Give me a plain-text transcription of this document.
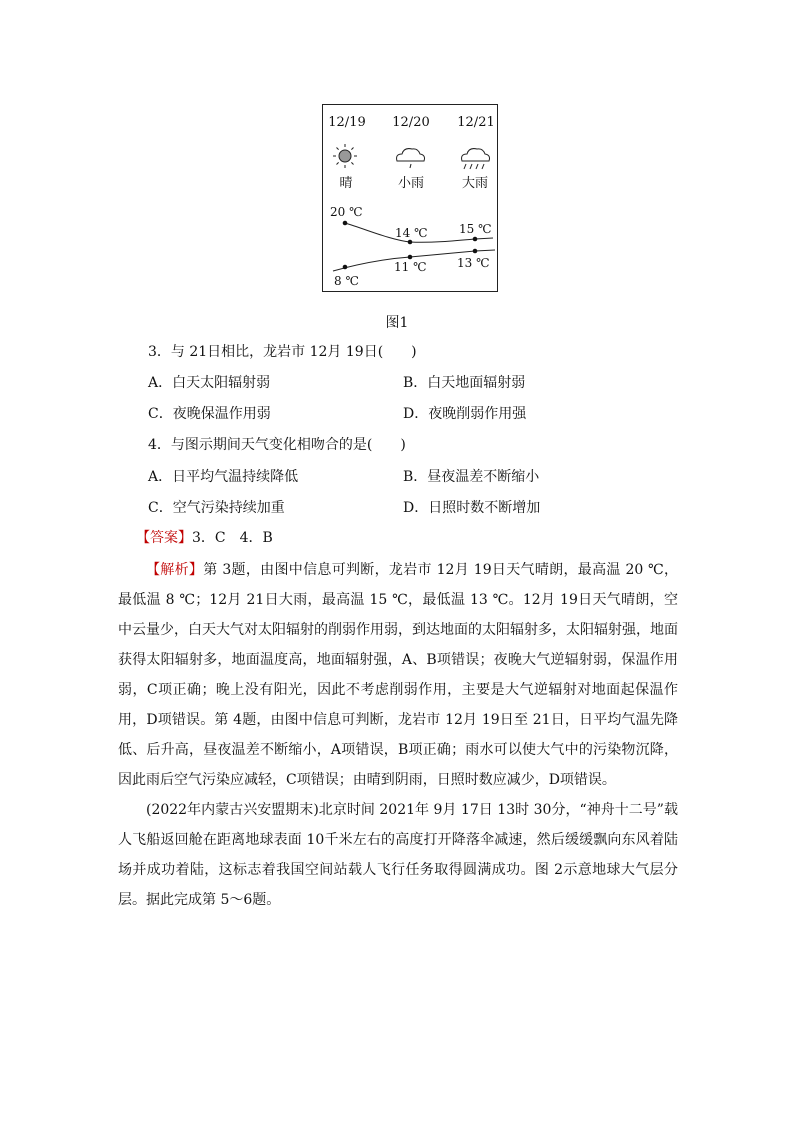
12/19 12/20 12/21
晴	小雨	大雨
20 ℃
14 ℃	15 ℃
8 ℃
11 ℃	13 ℃
图1
3．与 21日相比，龙岩市 12月 19日(　　)
A．白天太阳辐射弱	B．白天地面辐射弱
C．夜晚保温作用弱	D．夜晚削弱作用强
4．与图示期间天气变化相吻合的是(　　)
A．日平均气温持续降低	B．昼夜温差不断缩小
C．空气污染持续加重	D．日照时数不断增加
【答案】3．C　4．B

【解析】第 3题，由图中信息可判断，龙岩市 12月 19日天气晴朗，最高温 20 ℃，最低温 8 ℃；12月 21日大雨，最高温 15 ℃，最低温 13 ℃。12月 19日天气晴朗，空中云量少，白天大气对太阳辐射的削弱作用弱，到达地面的太阳辐射多，太阳辐射强，地面获得太阳辐射多，地面温度高，地面辐射强，A、B项错误；夜晚大气逆辐射弱，保温作用弱，C项正确；晚上没有阳光，因此不考虑削弱作用，主要是大气逆辐射对地面起保温作用，D项错误。第 4题，由图中信息可判断，龙岩市 12月 19日至 21日，日平均气温先降低、后升高，昼夜温差不断缩小，A项错误，B项正确；雨水可以使大气中的污染物沉降，因此雨后空气污染应减轻，C项错误；由晴到阴雨，日照时数应减少，D项错误。

(2022年内蒙古兴安盟期末)北京时间 2021年 9月 17日 13时 30分，“神舟十二号”载人飞船返回舱在距离地球表面 10千米左右的高度打开降落伞减速，然后缓缓飘向东风着陆场并成功着陆，这标志着我国空间站载人飞行任务取得圆满成功。图 2示意地球大气层分层。据此完成第 5～6题。
